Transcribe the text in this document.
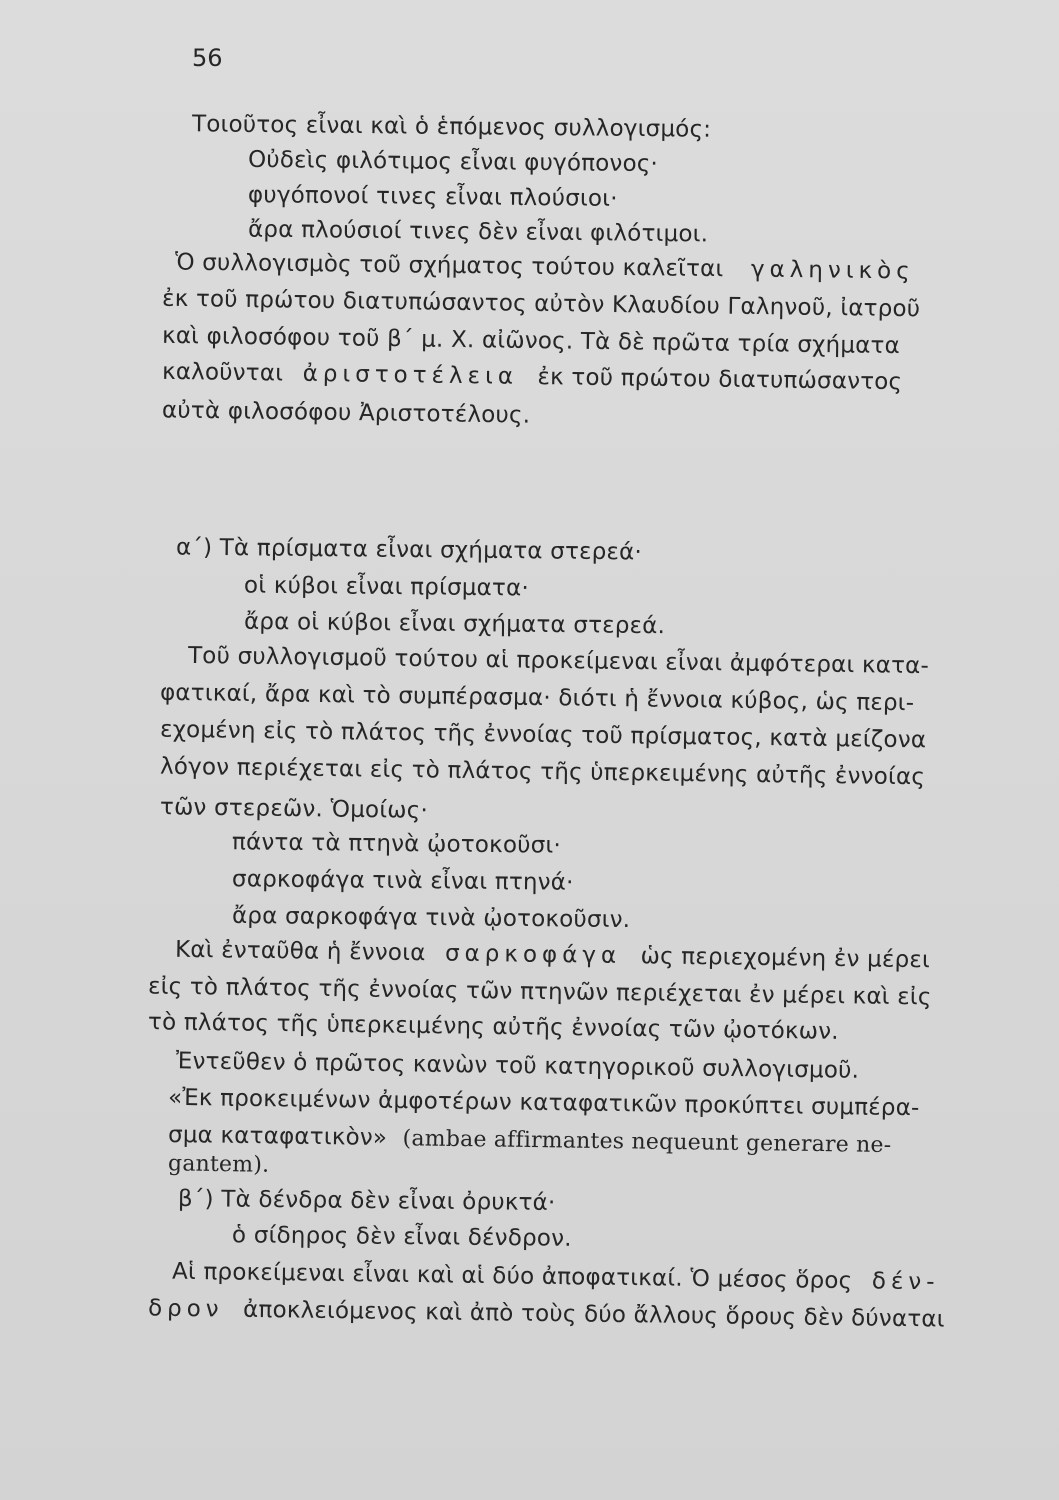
56
Τοιοῦτος εἶναι καὶ ὁ ἑπόμενος συλλογισμός:
Οὐδεὶς φιλότιμος εἶναι φυγόπονος·
φυγόπονοί τινες εἶναι πλούσιοι·
ἄρα πλούσιοί τινες δὲν εἶναι φιλότιμοι.
Ὁ συλλογισμὸς τοῦ σχήματος τούτου καλεῖται γαληνικὸς
ἐκ τοῦ πρώτου διατυπώσαντος αὐτὸν Κλαυδίου Γαληνοῦ, ἰατροῦ
καὶ φιλοσόφου τοῦ β΄ μ. Χ. αἰῶνος. Τὰ δὲ πρῶτα τρία σχήματα
καλοῦνται ἀριστοτέλεια ἐκ τοῦ πρώτου διατυπώσαντος
αὐτὰ φιλοσόφου Ἀριστοτέλους.
α΄) Τὰ πρίσματα εἶναι σχήματα στερεά·
οἱ κύβοι εἶναι πρίσματα·
ἄρα οἱ κύβοι εἶναι σχήματα στερεά.
Τοῦ συλλογισμοῦ τούτου αἱ προκείμεναι εἶναι ἀμφότεραι κατα-
φατικαί, ἄρα καὶ τὸ συμπέρασμα· διότι ἡ ἔννοια κύβος, ὡς περι-
εχομένη εἰς τὸ πλάτος τῆς ἐννοίας τοῦ πρίσματος, κατὰ μείζονα
λόγον περιέχεται εἰς τὸ πλάτος τῆς ὑπερκειμένης αὐτῆς ἐννοίας
τῶν στερεῶν. Ὁμοίως·
πάντα τὰ πτηνὰ ᾠοτοκοῦσι·
σαρκοφάγα τινὰ εἶναι πτηνά·
ἄρα σαρκοφάγα τινὰ ᾠοτοκοῦσιν.
Καὶ ἐνταῦθα ἡ ἔννοια σαρκοφάγα ὡς περιεχομένη ἐν μέρει
εἰς τὸ πλάτος τῆς ἐννοίας τῶν πτηνῶν περιέχεται ἐν μέρει καὶ εἰς
τὸ πλάτος τῆς ὑπερκειμένης αὐτῆς ἐννοίας τῶν ᾠοτόκων.
Ἐντεῦθεν ὁ πρῶτος κανὼν τοῦ κατηγορικοῦ συλλογισμοῦ.
«Ἐκ προκειμένων ἀμφοτέρων καταφατικῶν προκύπτει συμπέρα-
σμα καταφατικὸν» (ambae affirmantes nequeunt generare ne-
gantem).
β΄) Τὰ δένδρα δὲν εἶναι ὀρυκτά·
ὁ σίδηρος δὲν εἶναι δένδρον.
Αἱ προκείμεναι εἶναι καὶ αἱ δύο ἀποφατικαί. Ὁ μέσος ὅρος δέν-
δρον ἀποκλειόμενος καὶ ἀπὸ τοὺς δύο ἄλλους ὅρους δὲν δύναται
